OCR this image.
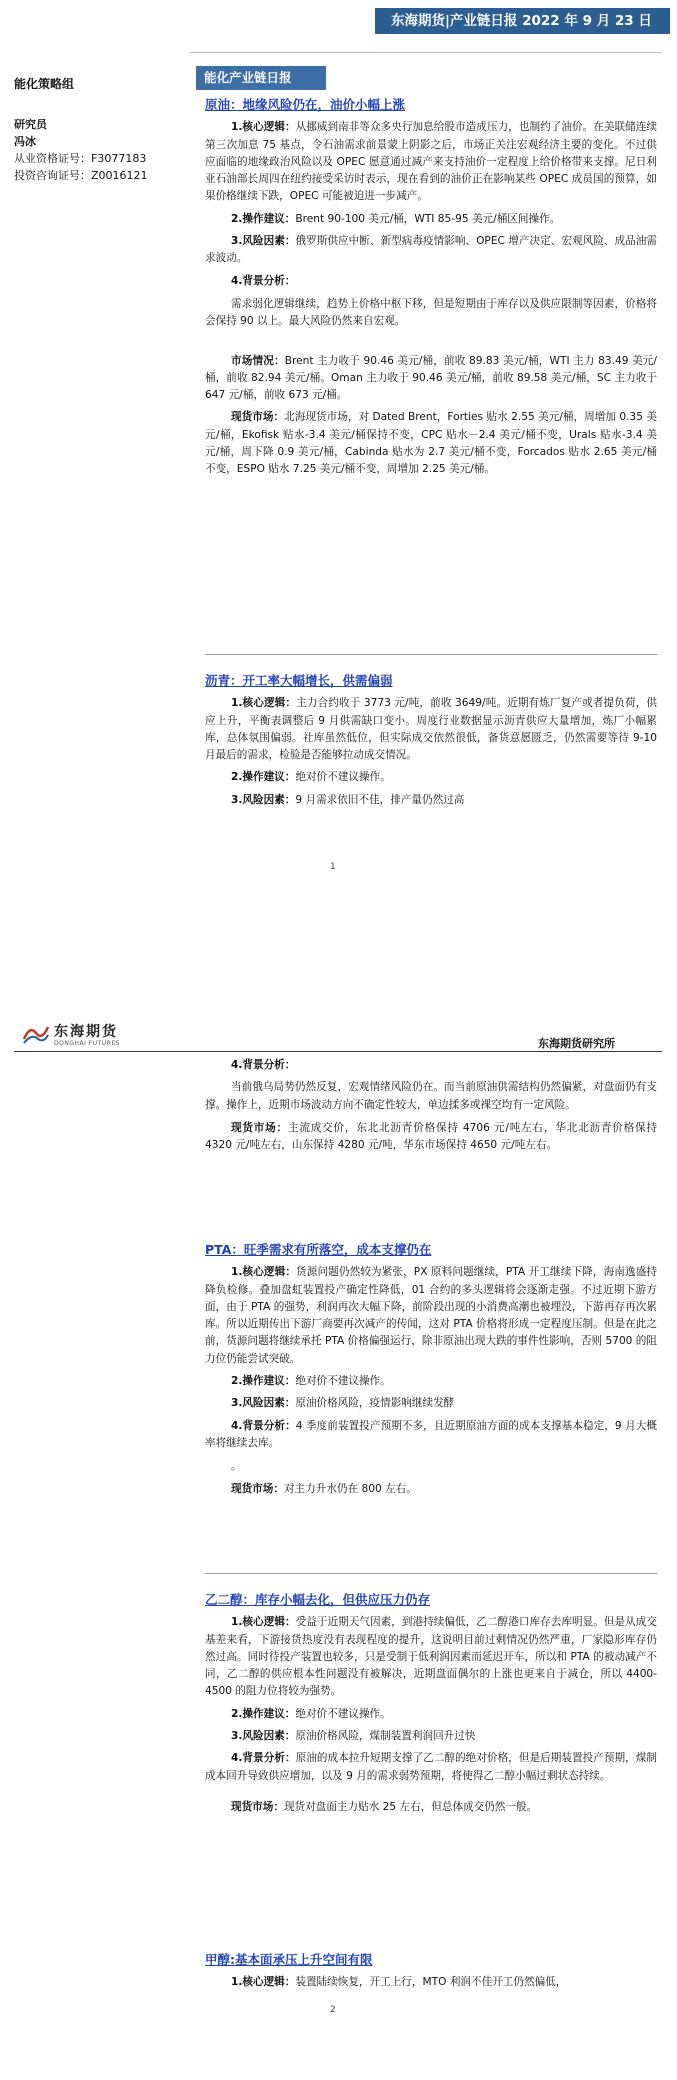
东海期货|产业链日报 2022 年 9 月 23 日
能化策略组
研究员
冯冰
从业资格证号：F3077183
投资咨询证号：Z0016121
能化产业链日报
原油：地缘风险仍在，油价小幅上涨
1.核心逻辑：从挪威到南非等众多央行加息给股市造成压力，也制约了油价。在美联储连续第三次加息 75 基点，令石油需求前景蒙上阴影之后，市场正关注宏观经济主要的变化。不过供应面临的地缘政治风险以及 OPEC 愿意通过减产来支持油价一定程度上给价格带来支撑。尼日利亚石油部长周四在纽约接受采访时表示，现在看到的油价正在影响某些 OPEC 成员国的预算，如果价格继续下跌，OPEC 可能被迫进一步减产。
2.操作建议：Brent 90-100 美元/桶，WTI 85-95 美元/桶区间操作。
3.风险因素：俄罗斯供应中断、新型病毒疫情影响、OPEC 增产决定、宏观风险、成品油需求波动。
4.背景分析：
需求弱化逻辑继续，趋势上价格中枢下移，但是短期由于库存以及供应限制等因素，价格将会保持 90 以上。最大风险仍然来自宏观。
市场情况：Brent 主力收于 90.46 美元/桶，前收 89.83 美元/桶，WTI 主力 83.49 美元/桶，前收 82.94 美元/桶。Oman 主力收于 90.46 美元/桶，前收 89.58 美元/桶，SC 主力收于 647 元/桶，前收 673 元/桶。
现货市场：北海现货市场，对 Dated Brent，Forties 贴水 2.55 美元/桶，周增加 0.35 美元/桶，Ekofisk 贴水-3.4 美元/桶保持不变，CPC 贴水－2.4 美元/桶不变，Urals 贴水-3.4 美元/桶，周下降 0.9 美元/桶，Cabinda 贴水为 2.7 美元/桶不变，Forcados 贴水 2.65 美元/桶不变，ESPO 贴水 7.25 美元/桶不变，周增加 2.25 美元/桶。
沥青：开工率大幅增长，供需偏弱
1.核心逻辑：主力合约收于 3773 元/吨，前收 3649/吨。近期有炼厂复产或者提负荷，供应上升，平衡表调整后 9 月供需缺口变小。周度行业数据显示沥青供应大量增加，炼厂小幅累库，总体氛围偏弱。社库虽然低位，但实际成交依然很低，备货意愿匮乏，仍然需要等待 9-10 月最后的需求，检验是否能够拉动成交情况。
2.操作建议：绝对价不建议操作。
3.风险因素：9 月需求依旧不佳，排产量仍然过高
1
东海期货
DONGHAI FUTURES	东海期货研究所
4.背景分析：
当前俄乌局势仍然反复，宏观情绪风险仍在。而当前原油供需结构仍然偏紧，对盘面仍有支撑。操作上，近期市场波动方向不确定性较大，单边揉多或裸空均有一定风险。
现货市场：主流成交价，东北北沥青价格保持 4706 元/吨左右，华北北沥青价格保持 4320 元/吨左右，山东保持 4280 元/吨，华东市场保持 4650 元/吨左右。
PTA：旺季需求有所落空，成本支撑仍在
1.核心逻辑：货源问题仍然较为紧张，PX 原料问题继续，PTA 开工继续下降，海南逸盛持降负检修。叠加盘虹装置投产确定性降低，01 合约的多头逻辑将会逐渐走强。不过近期下游方面，由于 PTA 的强势，利润再次大幅下降，前阶段出现的小消费高潮也被埋没，下游再存再次累库。所以近期传出下游厂商要再次减产的传闻，这对 PTA 价格将形成一定程度压制。但是在此之前，货源问题将继续承托 PTA 价格偏强运行，除非原油出现大跌的事件性影响，否则 5700 的阻力位仍能尝试突破。
2.操作建议：绝对价不建议操作。
3.风险因素：原油价格风险，疫情影响继续发酵
4.背景分析：4 季度前装置投产预期不多，且近期原油方面的成本支撑基本稳定，9 月大概率将继续去库。
。
现货市场：对主力升水仍在 800 左右。
乙二醇：库存小幅去化，但供应压力仍存
1.核心逻辑：受益于近期天气因素，到港持续偏低，乙二醇港口库存去库明显。但是从成交基差来看，下游接货热度没有表现程度的提升，这说明目前过剩情况仍然严重，厂家隐形库存仍然过高。同时待投产装置也较多，只是受制于低利润因素而延迟开车，所以和 PTA 的被动减产不同，乙二醇的供应根本性问题没有被解决，近期盘面偶尔的上涨也更来自于减仓，所以 4400-4500 的阻力位将较为强势。
2.操作建议：绝对价不建议操作。
3.风险因素：原油价格风险，煤制装置利润回升过快
4.背景分析：原油的成本拉升短期支撑了乙二醇的绝对价格，但是后期装置投产预期，煤制成本回升导致供应增加，以及 9 月的需求弱势预期，将使得乙二醇小幅过剩状态持续。
现货市场：现货对盘面主力贴水 25 左右，但总体成交仍然一般。
甲醇:基本面承压上升空间有限
1.核心逻辑：装置陆续恢复，开工上行，MTO 利润不佳开工仍然偏低，
2
